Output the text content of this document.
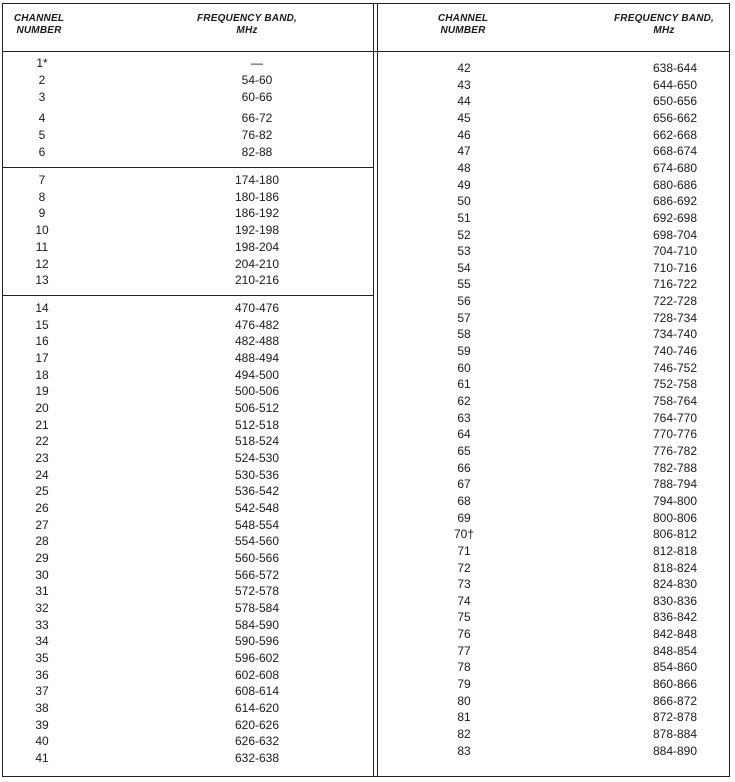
CHANNEL
NUMBER
FREQUENCY BAND,
MHz
CHANNEL
NUMBER
FREQUENCY BAND,
MHz
1*	—
2	54-60
3	60-66
4	66-72
5	76-82
6	82-88
7	174-180
8	180-186
9	186-192
10	192-198
11	198-204
12	204-210
13	210-216
14	470-476
15	476-482
16	482-488
17	488-494
18	494-500
19	500-506
20	506-512
21	512-518
22	518-524
23	524-530
24	530-536
25	536-542
26	542-548
27	548-554
28	554-560
29	560-566
30	566-572
31	572-578
32	578-584
33	584-590
34	590-596
35	596-602
36	602-608
37	608-614
38	614-620
39	620-626
40	626-632
41	632-638
42	638-644
43	644-650
44	650-656
45	656-662
46	662-668
47	668-674
48	674-680
49	680-686
50	686-692
51	692-698
52	698-704
53	704-710
54	710-716
55	716-722
56	722-728
57	728-734
58	734-740
59	740-746
60	746-752
61	752-758
62	758-764
63	764-770
64	770-776
65	776-782
66	782-788
67	788-794
68	794-800
69	800-806
70†	806-812
71	812-818
72	818-824
73	824-830
74	830-836
75	836-842
76	842-848
77	848-854
78	854-860
79	860-866
80	866-872
81	872-878
82	878-884
83	884-890
